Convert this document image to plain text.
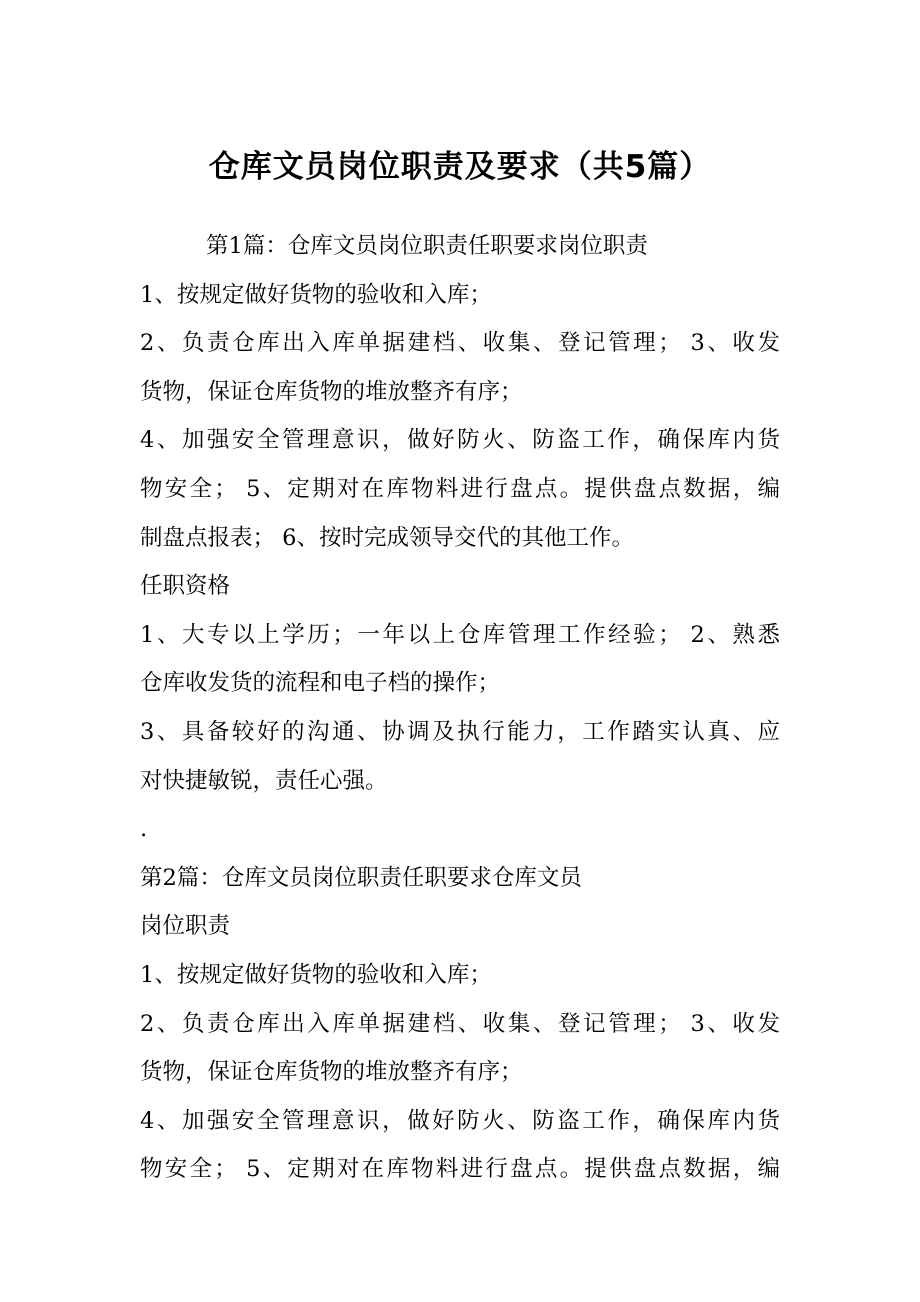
仓库文员岗位职责及要求（共5篇）
第1篇：仓库文员岗位职责任职要求岗位职责
1、按规定做好货物的验收和入库；
2、负责仓库出入库单据建档、收集、登记管理； 3、收发
货物，保证仓库货物的堆放整齐有序；
4、加强安全管理意识，做好防火、防盗工作，确保库内货
物安全； 5、定期对在库物料进行盘点。提供盘点数据，编
制盘点报表； 6、按时完成领导交代的其他工作。
任职资格
1、大专以上学历；一年以上仓库管理工作经验； 2、熟悉
仓库收发货的流程和电子档的操作；
3、具备较好的沟通、协调及执行能力，工作踏实认真、应
对快捷敏锐，责任心强。
.
第2篇：仓库文员岗位职责任职要求仓库文员
岗位职责
1、按规定做好货物的验收和入库；
2、负责仓库出入库单据建档、收集、登记管理； 3、收发
货物，保证仓库货物的堆放整齐有序；
4、加强安全管理意识，做好防火、防盗工作，确保库内货
物安全； 5、定期对在库物料进行盘点。提供盘点数据，编
